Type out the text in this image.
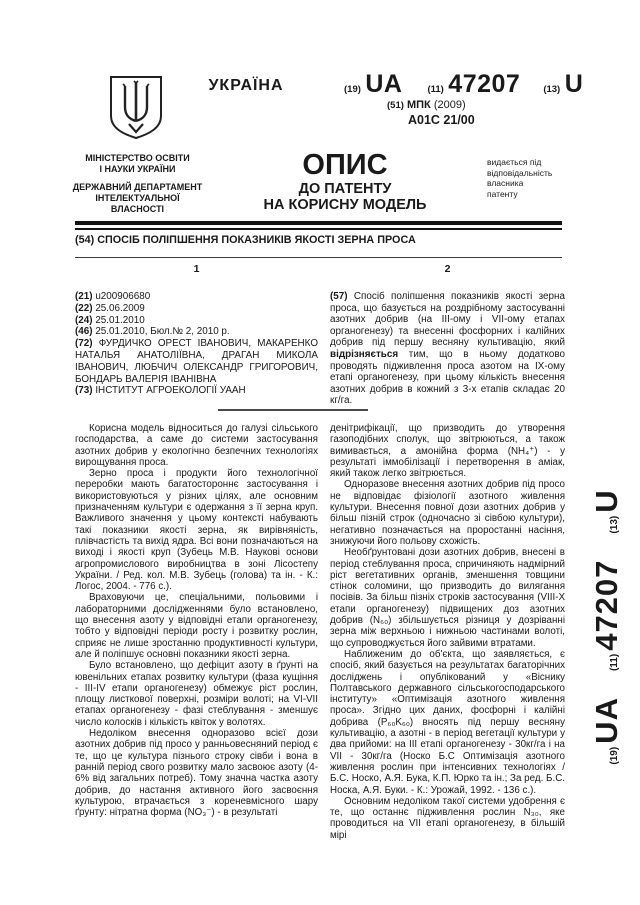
УКРАЇНА
МІНІСТЕРСТВО ОСВІТИ
І НАУКИ УКРАЇНИ
ДЕРЖАВНИЙ ДЕПАРТАМЕНТ
ІНТЕЛЕКТУАЛЬНОЇ
ВЛАСНОСТІ
(19)
UA	(11)
47207 (13)
U
(51) МПК (2009)
A01C 21/00
ОПИС
ДО ПАТЕНТУ
НА КОРИСНУ МОДЕЛЬ
видається під
відповідальність
власника
патенту
(54) СПОСІБ ПОЛІПШЕННЯ ПОКАЗНИКІВ ЯКОСТІ ЗЕРНА ПРОСА
1	2

(21) u200906680

(22) 25.06.2009

(24) 25.01.2010

(46) 25.01.2010, Бюл.№ 2, 2010 р.

(72) ФУРДИЧКО ОРЕСТ ІВАНОВИЧ, МАКАРЕНКО НАТАЛЬЯ АНАТОЛІЇВНА, ДРАГАН МИКОЛА ІВАНОВИЧ, ЛЮБЧИЧ ОЛЕКСАНДР ГРИГОРОВИЧ, БОНДАРЬ ВАЛЕРІЯ ІВАНІВНА

(73) ІНСТИТУТ АГРОЕКОЛОГІЇ УААН

(57) Спосіб поліпшення показників якості зерна проса, що базується на роздрібному застосуванні азотних добрив (на III-ому і VII-ому етапах органогенезу) та внесенні фосфорних і калійних добрив під першу весняну культивацію, який відрізняється тим, що в ньому додатково проводять підживлення проса азотом на IX-ому етапі органогенезу, при цьому кількість внесення азотних добрив в кожний з 3-х етапів складає 20 кг/га.

Корисна модель відноситься до галузі сільського господарства, а саме до системи застосування азотних добрив у екологічно безпечних технологіях вирощування проса.

Зерно проса і продукти його технологічної переробки мають багатостороннє застосування і використовуються у різних цілях, але основним призначенням культури є одержання з її зерна круп. Важливого значення у цьому контексті набувають такі показники якості зерна, як вирівняність, плівчастість та вихід ядра. Всі вони позначаються на виході і якості круп (Зубець М.В. Наукові основи агропромислового виробництва в зоні Лісостепу України. / Ред. кол. М.В. Зубець (голова) та ін. - К.: Логос, 2004. - 776 с.).

Враховуючи це, спеціальними, польовими і лабораторними дослідженнями було встановлено, що внесення азоту у відповідні етапи органогенезу, тобто у відповідні періоди росту і розвитку рослин, сприяє не лише зростанню продуктивності культури, але й поліпшує основні показники якості зерна.

Було встановлено, що дефіцит азоту в ґрунті на ювенільних етапах розвитку культури (фаза кущіння - III-IV етапи органогенезу) обмежує ріст рослин, площу листкової поверхні, розміри волоті; на VI-VII етапах органогенезу - фазі стеблування - зменшує число колосків і кількість квіток у волотях.

Недоліком внесення одноразово всієї дози азотних добрив під просо у ранньовесняний період є те, що це культура пізнього строку сівби і вона в ранній період свого розвитку мало засвоює азоту (4-6% від загальних потреб). Тому значна частка азоту добрив, до настання активного його засвоєння культурою, втрачається з кореневмісного шару ґрунту: нітратна форма (NO₃⁻) - в результаті

денітрифікації, що призводить до утворення газоподібних сполук, що звітрюються, а також вимивається, а амонійна форма (NH₄⁺) - у результаті іммобілізації і перетворення в аміак, який також легко звітрюється.

Одноразове внесення азотних добрив під просо не відповідає фізіології азотного живлення культури. Внесення повної дози азотних добрив у більш пізній строк (одночасно зі сівбою культури), негативно позначається на проростанні насіння, знижуючи його польову схожість.

Необґрунтовані дози азотних добрив, внесені в період стеблування проса, спричиняють надмірний ріст вегетативних органів, зменшення товщини стінок соломини, що призводить до вилягання посівів. За більш пізніх строків застосування (VIII-X етапи органогенезу) підвищених доз азотних добрив (N₆₀) збільшується різниця у дозріванні зерна між верхньою і нижньою частинами волоті, що супроводжується його зайвими втратами.

Наближеним до об'єкта, що заявляється, є спосіб, який базується на результатах багаторічних досліджень і опублікований у «Віснику Полтавського державного сільськогосподарського інституту» «Оптимізація азотного живлення проса». Згідно цих даних, фосфорні і калійні добрива (P₆₀K₆₀) вносять під першу весняну культивацію, а азотні - в період вегетації культури у два прийоми: на III етапі органогенезу - 30кг/га і на VII - 30кг/га (Носко Б.С Оптимізація азотного живлення рослин при інтенсивних технологіях / Б.С. Носко, А.Я. Бука, К.П. Юрко та ін.; За ред. Б.С. Носка, А.Я. Буки. - К.: Урожай, 1992. - 136 с.).

Основним недоліком такої системи удобрення є те, що останнє підживлення рослин N₃₀, яке проводиться на VII етапі органогенезу, в більшій мірі

(19)
UA
(11)
47207
(13)
U
